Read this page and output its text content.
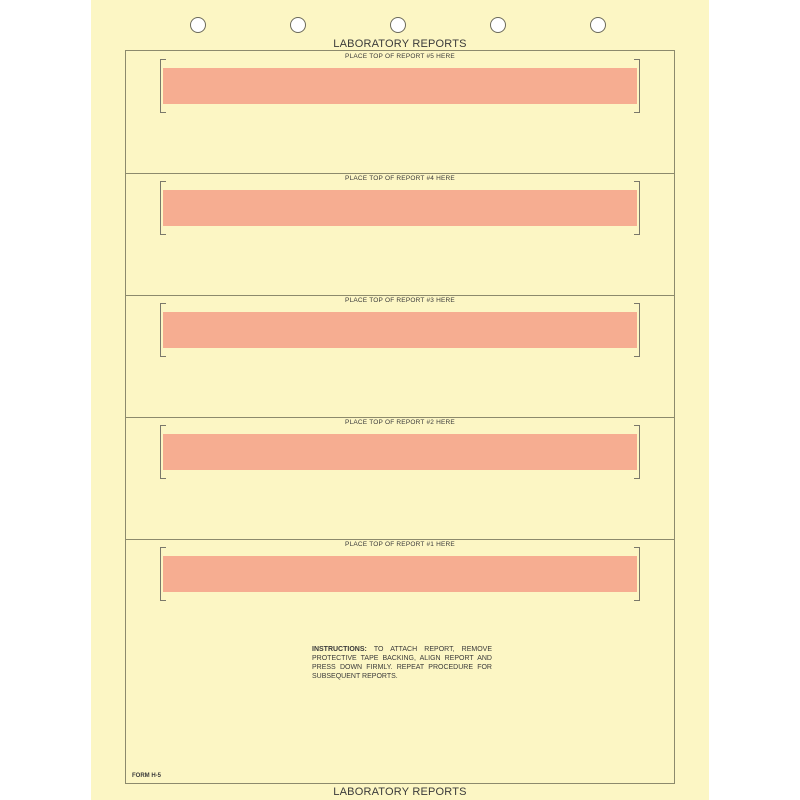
LABORATORY REPORTS
PLACE TOP OF REPORT #5 HERE
PLACE TOP OF REPORT #4 HERE
PLACE TOP OF REPORT #3 HERE
PLACE TOP OF REPORT #2 HERE
PLACE TOP OF REPORT #1 HERE
INSTRUCTIONS: TO ATTACH REPORT, REMOVE PROTECTIVE TAPE BACKING, ALIGN REPORT AND PRESS DOWN FIRMLY. REPEAT PROCEDURE FOR SUBSEQUENT REPORTS.
FORM H-5
LABORATORY REPORTS
